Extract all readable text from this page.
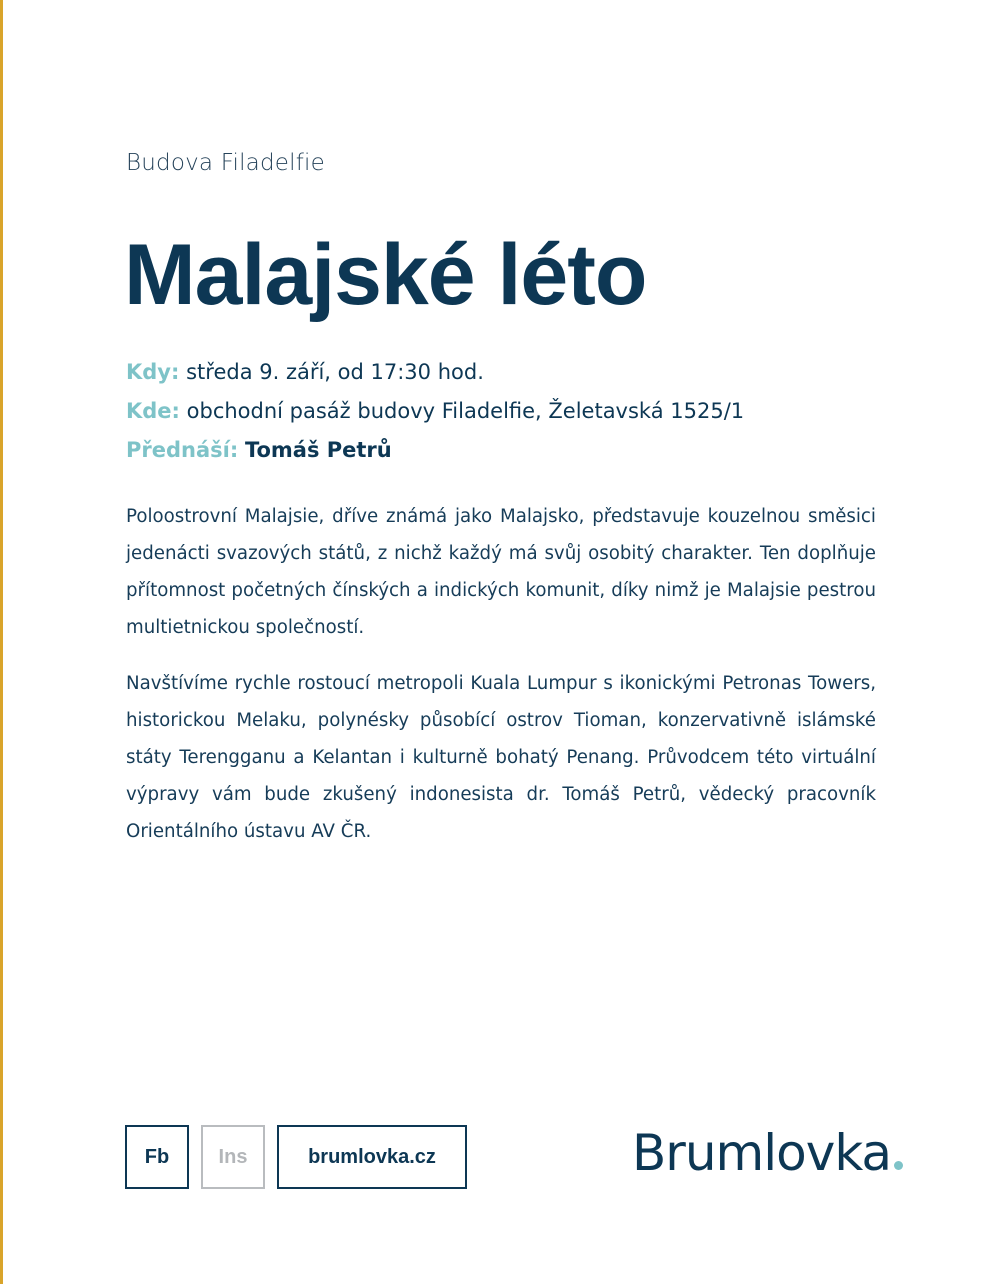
Budova Filadelfie
Malajské léto
Kdy: středa 9. září, od 17:30 hod.
Kde: obchodní pasáž budovy Filadelfie, Želetavská 1525/1
Přednáší: Tomáš Petrů

Poloostrovní Malajsie, dříve známá jako Malajsko, představuje kouzelnou směsici jedenácti svazových států, z nichž každý má svůj osobitý charakter. Ten doplňuje přítomnost početných čínských a indických komunit, díky nimž je Malajsie pestrou multietnickou společností.

Navštívíme rychle rostoucí metropoli Kuala Lumpur s ikonickými Petronas Towers, historickou Melaku, polynésky působící ostrov Tioman, konzervativně islámské státy Terengganu a Kelantan i kulturně bohatý Penang. Průvodcem této virtuální výpravy vám bude zkušený indonesista dr. Tomáš Petrů, vědecký pracovník Orientálního ústavu AV ČR.

Fb	Ins	brumlovka.cz	Brumlovka
